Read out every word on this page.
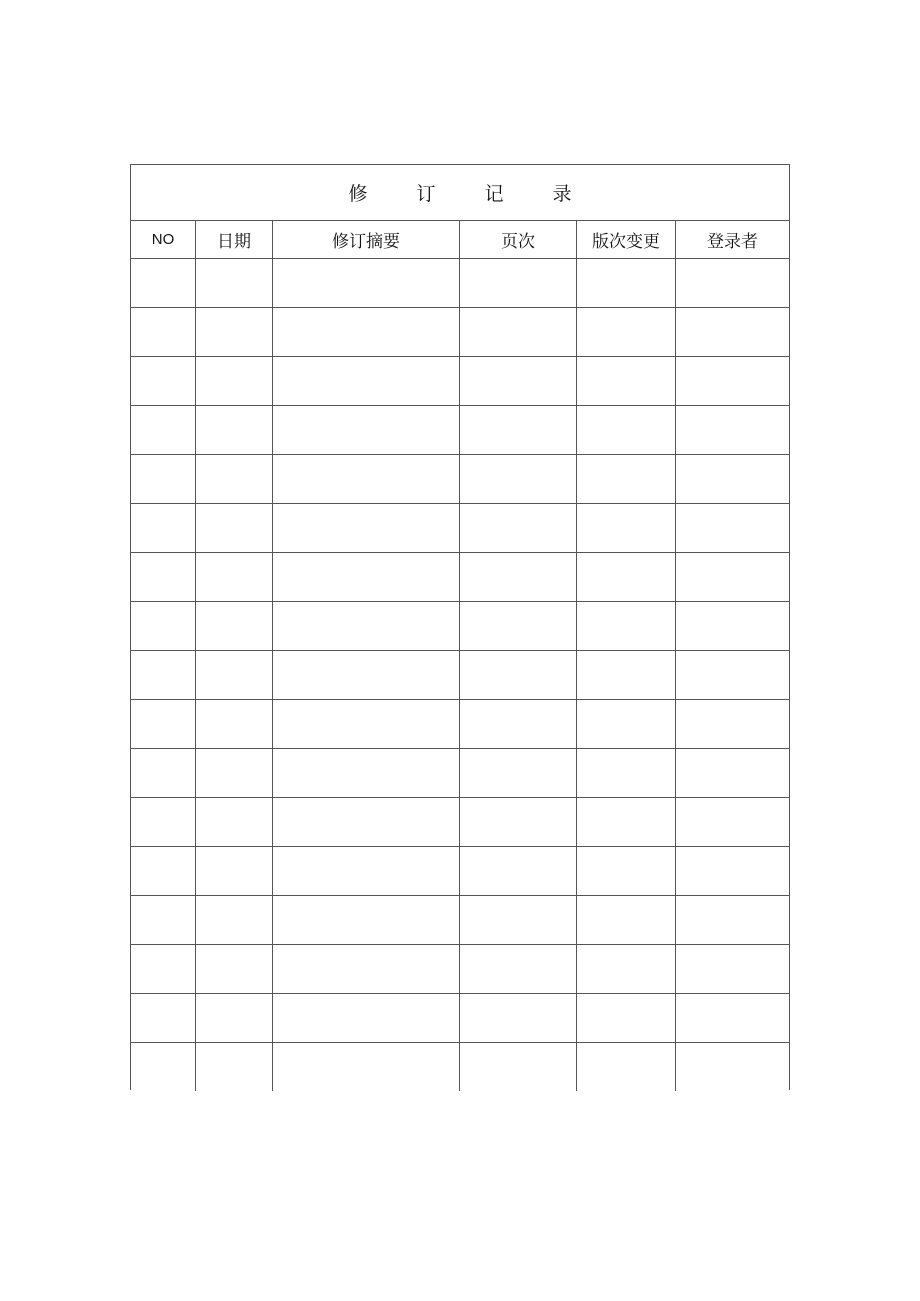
修	订	记	录
NO	日期	修订摘要	页次	版次变更	登录者
